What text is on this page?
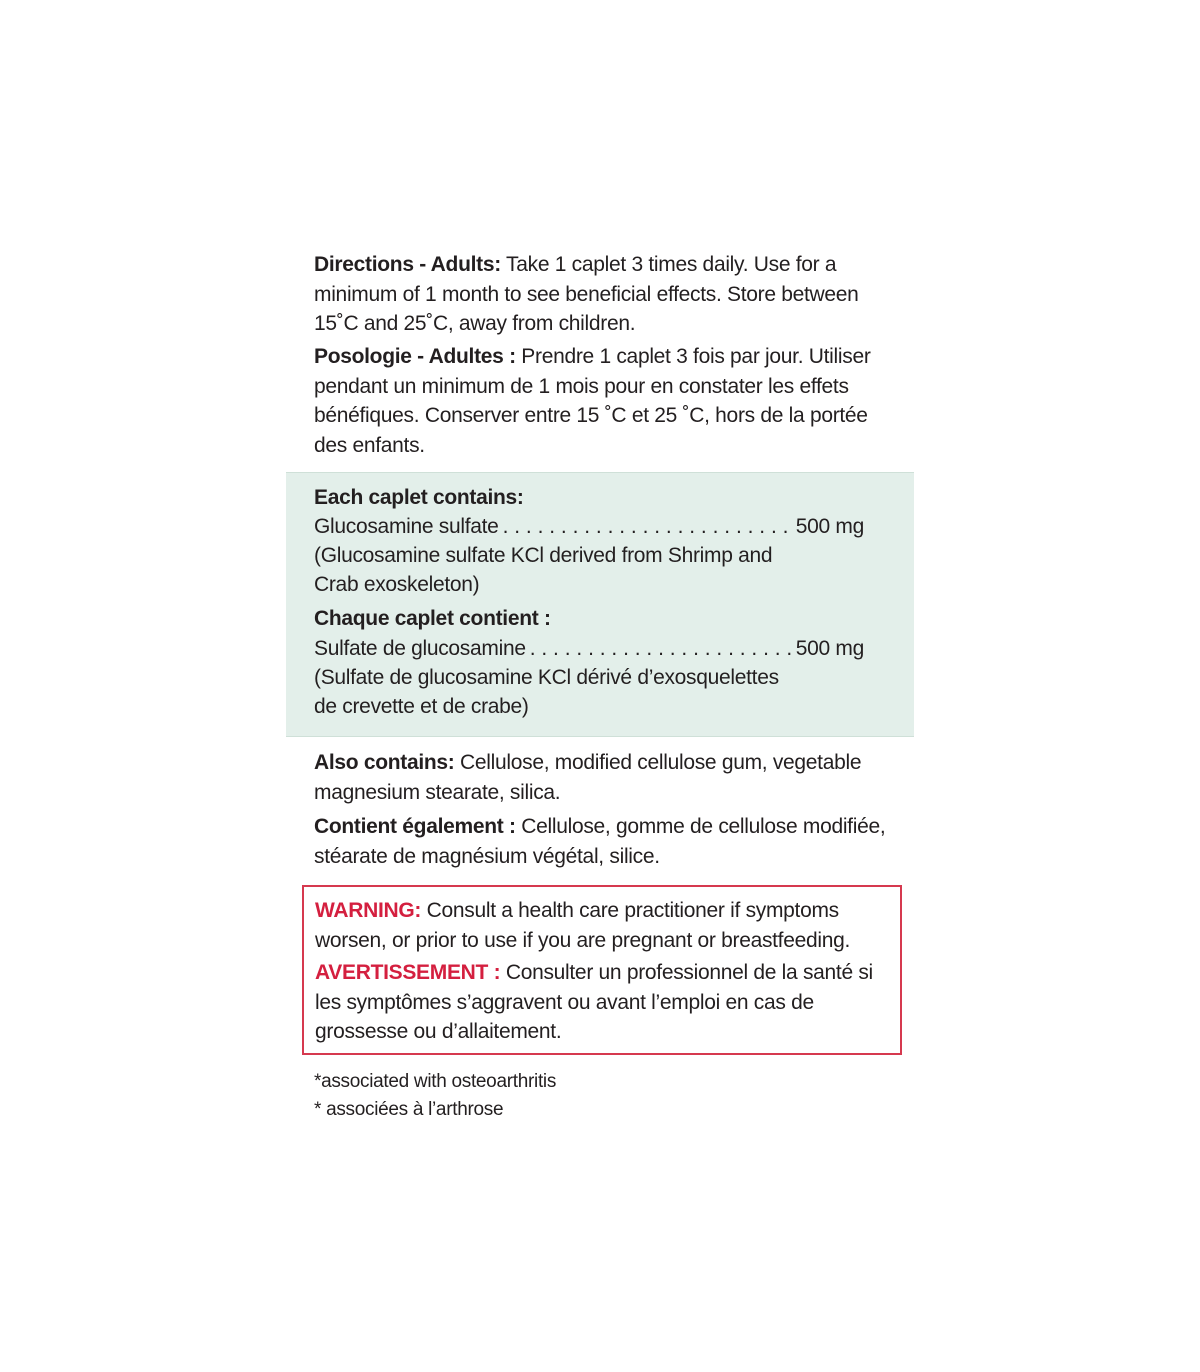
Directions - Adults: Take 1 caplet 3 times daily. Use for a minimum of 1 month to see beneficial effects. Store between 15˚C and 25˚C, away from children.

Posologie - Adultes : Prendre 1 caplet 3 fois par jour. Utiliser pendant un minimum de 1 mois pour en constater les effets bénéfiques. Conserver entre 15 ˚C et 25 ˚C, hors de la portée des enfants.

Each caplet contains:

Glucosamine sulfate . . .	500 mg

(Glucosamine sulfate KCl derived from Shrimp and

Crab exoskeleton)

Chaque caplet contient :

Sulfate de glucosamine . . .	500 mg

(Sulfate de glucosamine KCl dérivé d’exosquelettes

de crevette et de crabe)

Also contains: Cellulose, modified cellulose gum, vegetable magnesium stearate, silica.

Contient également : Cellulose, gomme de cellulose modifiée, stéarate de magnésium végétal, silice.

WARNING: Consult a health care practitioner if symptoms worsen, or prior to use if you are pregnant or breastfeeding.

AVERTISSEMENT : Consulter un professionnel de la santé si les symptômes s’aggravent ou avant l’emploi en cas de grossesse ou d’allaitement.

*associated with osteoarthritis

* associées à l’arthrose
